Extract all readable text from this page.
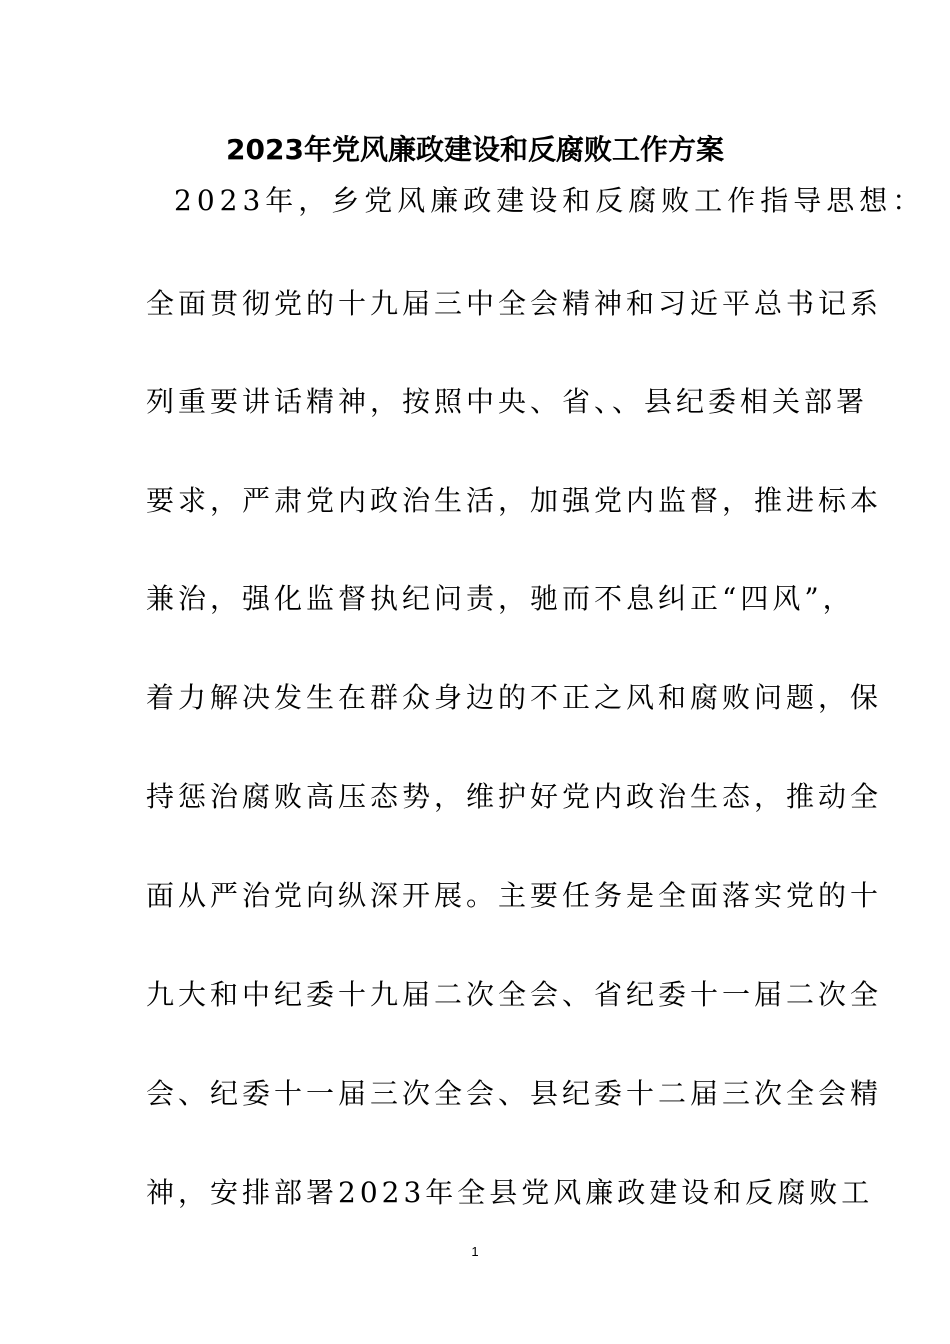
2023年党风廉政建设和反腐败工作方案
2023年，乡党风廉政建设和反腐败工作指导思想：
全面贯彻党的十九届三中全会精神和习近平总书记系
列重要讲话精神，按照中央、省、、县纪委相关部署
要求，严肃党内政治生活，加强党内监督，推进标本
兼治，强化监督执纪问责，驰而不息纠正“四风”，
着力解决发生在群众身边的不正之风和腐败问题，保
持惩治腐败高压态势，维护好党内政治生态，推动全
面从严治党向纵深开展。主要任务是全面落实党的十
九大和中纪委十九届二次全会、省纪委十一届二次全
会、纪委十一届三次全会、县纪委十二届三次全会精
神，安排部署2023年全县党风廉政建设和反腐败工
1
